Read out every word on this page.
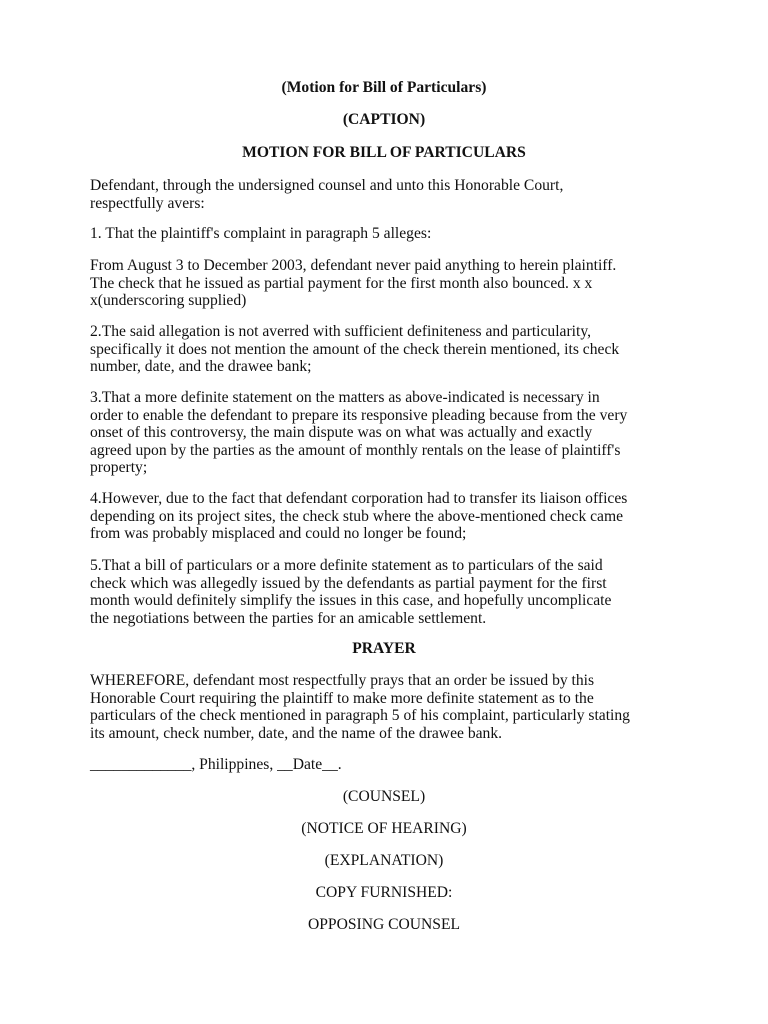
(Motion for Bill of Particulars)
(CAPTION)
MOTION FOR BILL OF PARTICULARS
Defendant, through the undersigned counsel and unto this Honorable Court,
respectfully avers:
1. That the plaintiff's complaint in paragraph 5 alleges:
From August 3 to December 2003, defendant never paid anything to herein plaintiff.
The check that he issued as partial payment for the first month also bounced. x x
x(underscoring supplied)
2.The said allegation is not averred with sufficient definiteness and particularity,
specifically it does not mention the amount of the check therein mentioned, its check
number, date, and the drawee bank;
3.That a more definite statement on the matters as above-indicated is necessary in
order to enable the defendant to prepare its responsive pleading because from the very
onset of this controversy, the main dispute was on what was actually and exactly
agreed upon by the parties as the amount of monthly rentals on the lease of plaintiff's
property;
4.However, due to the fact that defendant corporation had to transfer its liaison offices
depending on its project sites, the check stub where the above-mentioned check came
from was probably misplaced and could no longer be found;
5.That a bill of particulars or a more definite statement as to particulars of the said
check which was allegedly issued by the defendants as partial payment for the first
month would definitely simplify the issues in this case, and hopefully uncomplicate
the negotiations between the parties for an amicable settlement.
PRAYER
WHEREFORE, defendant most respectfully prays that an order be issued by this
Honorable Court requiring the plaintiff to make more definite statement as to the
particulars of the check mentioned in paragraph 5 of his complaint, particularly stating
its amount, check number, date, and the name of the drawee bank.
_____________, Philippines, __Date__.
(COUNSEL)
(NOTICE OF HEARING)
(EXPLANATION)
COPY FURNISHED:
OPPOSING COUNSEL
